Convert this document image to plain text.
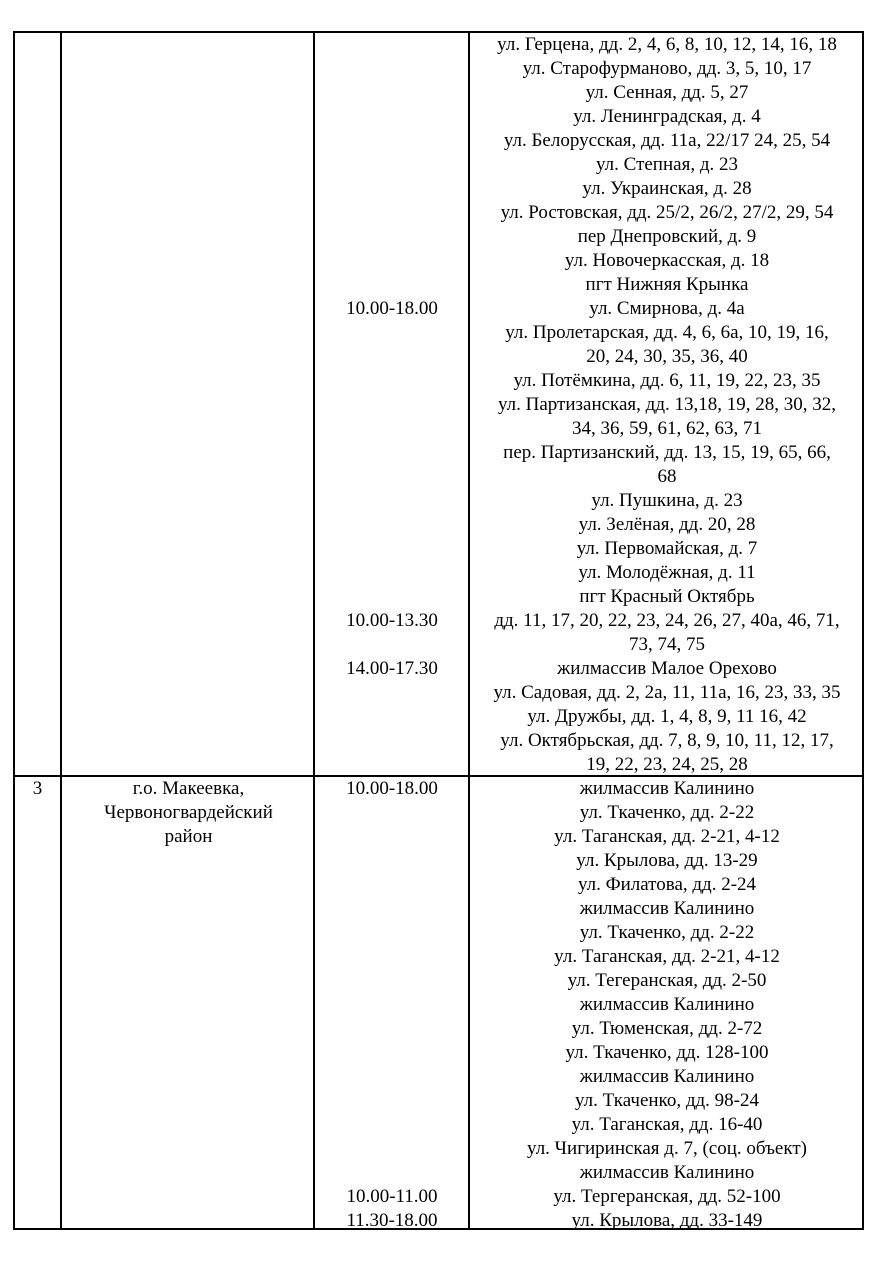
10.00-18.00
10.00-13.30
14.00-17.30
ул. Герцена, дд. 2, 4, 6, 8, 10, 12, 14, 16, 18
ул. Старофурманово, дд. 3, 5, 10, 17
ул. Сенная, дд. 5, 27
ул. Ленинградская, д. 4
ул. Белорусская, дд. 11а, 22/17 24, 25, 54
ул. Степная, д. 23
ул. Украинская, д. 28
ул. Ростовская, дд. 25/2, 26/2, 27/2, 29, 54
пер Днепровский, д. 9
ул. Новочеркасская, д. 18
пгт Нижняя Крынка
ул. Смирнова, д. 4а
ул. Пролетарская, дд. 4, 6, 6а, 10, 19, 16,
20, 24, 30, 35, 36, 40
ул. Потёмкина, дд. 6, 11, 19, 22, 23, 35
ул. Партизанская, дд. 13,18, 19, 28, 30, 32,
34, 36, 59, 61, 62, 63, 71
пер. Партизанский, дд. 13, 15, 19, 65, 66,
68
ул. Пушкина, д. 23
ул. Зелёная, дд. 20, 28
ул. Первомайская, д. 7
ул. Молодёжная, д. 11
пгт Красный Октябрь
дд. 11, 17, 20, 22, 23, 24, 26, 27, 40а, 46, 71,
73, 74, 75
жилмассив Малое Орехово
ул. Садовая, дд. 2, 2а, 11, 11а, 16, 23, 33, 35
ул. Дружбы, дд. 1, 4, 8, 9, 11 16, 42
ул. Октябрьская, дд. 7, 8, 9, 10, 11, 12, 17,
19, 22, 23, 24, 25, 28
3	г.о. Макеевка,
Червоногвардейский
район
10.00-18.00
10.00-11.00
11.30-18.00
жилмассив Калинино
ул. Ткаченко, дд. 2-22
ул. Таганская, дд. 2-21, 4-12
ул. Крылова, дд. 13-29
ул. Филатова, дд. 2-24
жилмассив Калинино
ул. Ткаченко, дд. 2-22
ул. Таганская, дд. 2-21, 4-12
ул. Тегеранская, дд. 2-50
жилмассив Калинино
ул. Тюменская, дд. 2-72
ул. Ткаченко, дд. 128-100
жилмассив Калинино
ул. Ткаченко, дд. 98-24
ул. Таганская, дд. 16-40
ул. Чигиринская д. 7, (соц. объект)
жилмассив Калинино
ул. Тергеранская, дд. 52-100
ул. Крылова, дд. 33-149
